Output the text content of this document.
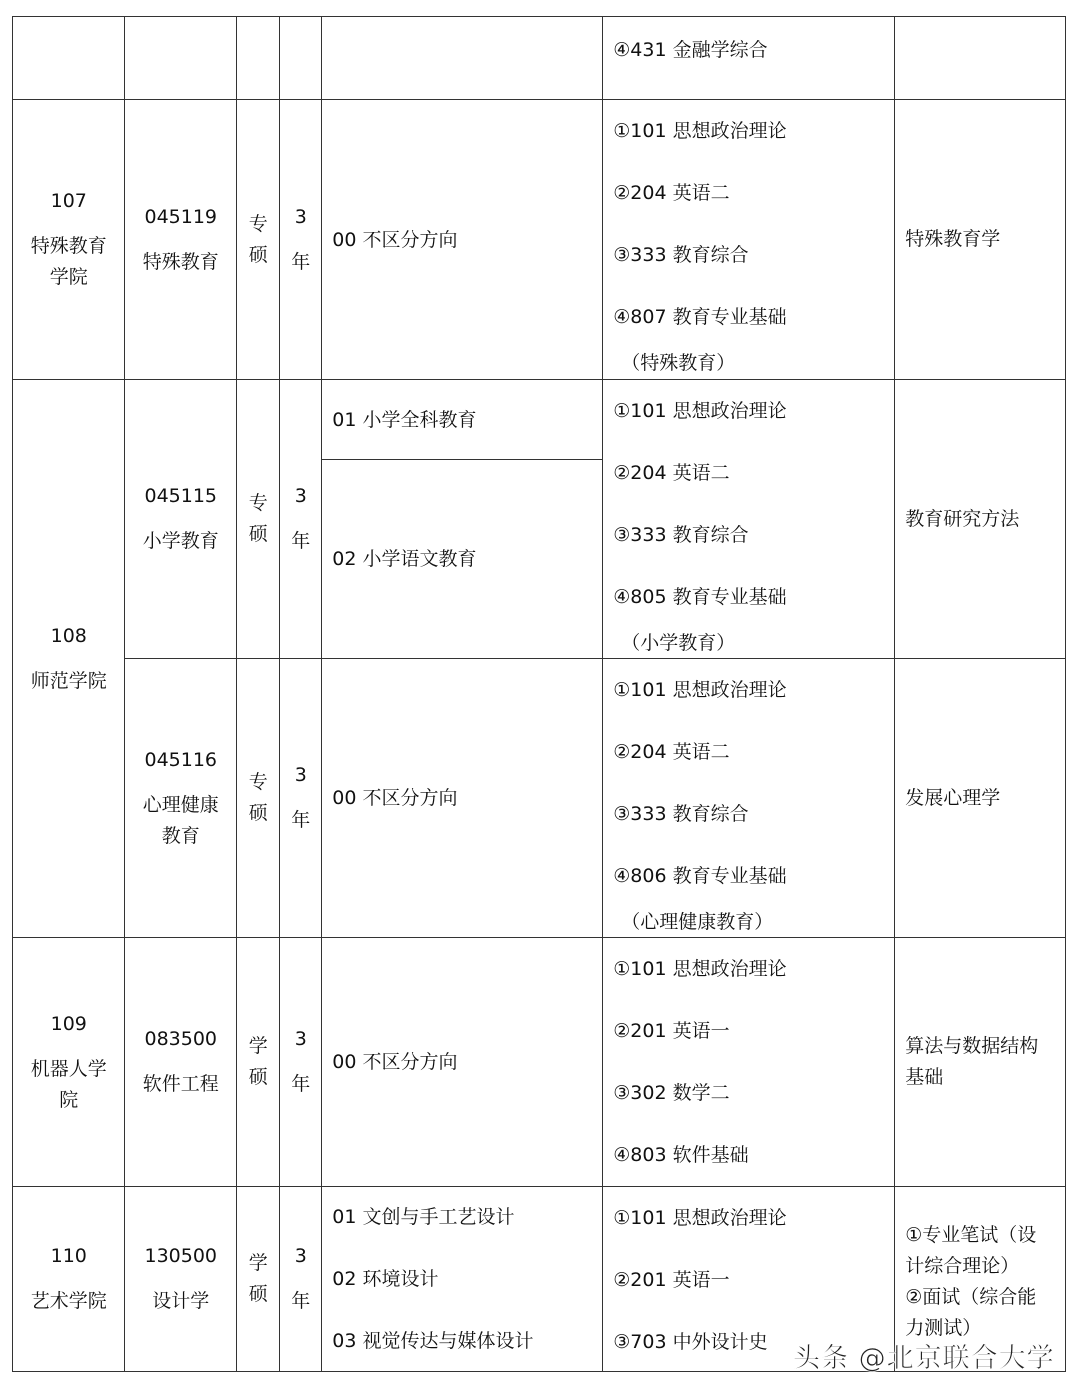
④431 金融学综合
107
特殊教育
学院
045119
特殊教育
专
硕
3
年
00 不区分方向
①101 思想政治理论
②204 英语二
③333 教育综合
④807 教育专业基础
（特殊教育）
特殊教育学
108
师范学院
045115
小学教育
专
硕
3
年
01 小学全科教育
02 小学语文教育
①101 思想政治理论
②204 英语二
③333 教育综合
④805 教育专业基础
（小学教育）
教育研究方法
045116
心理健康
教育
专
硕
3
年
00 不区分方向
①101 思想政治理论
②204 英语二
③333 教育综合
④806 教育专业基础
（心理健康教育）
发展心理学
109
机器人学
院
083500
软件工程
学
硕
3
年
00 不区分方向
①101 思想政治理论
②201 英语一
③302 数学二
④803 软件基础
算法与数据结构
基础
110
艺术学院
130500
设计学
学
硕
3
年
01 文创与手工艺设计
02 环境设计
03 视觉传达与媒体设计
①101 思想政治理论
②201 英语一
③703 中外设计史
①专业笔试（设
计综合理论）
②面试（综合能
力测试）
头条 @北京联合大学
